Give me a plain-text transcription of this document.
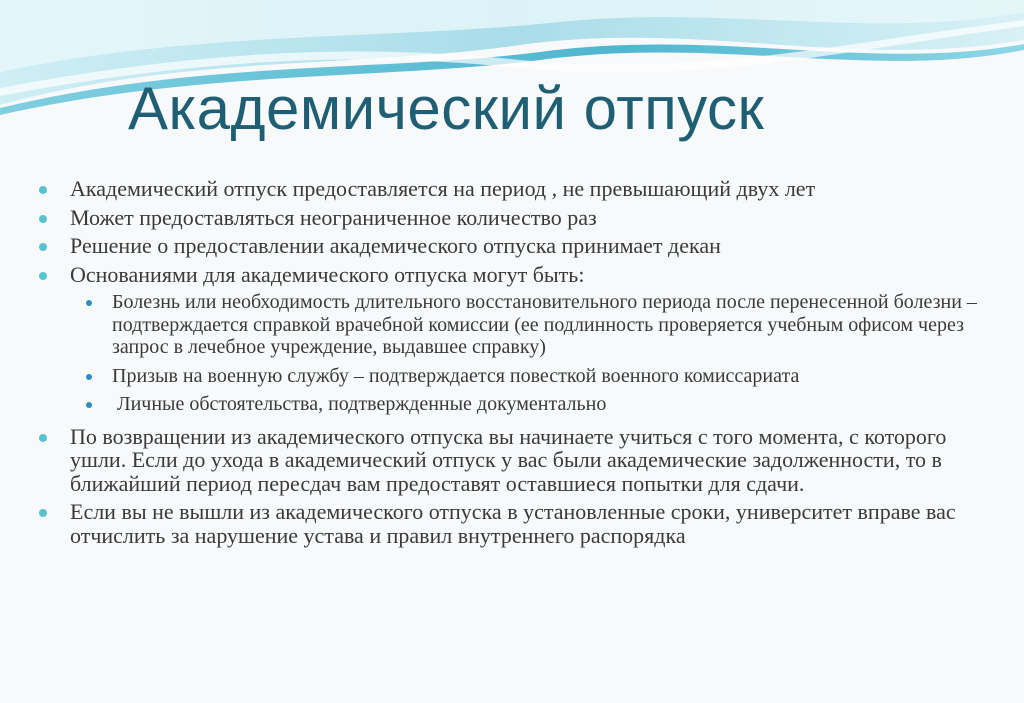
Академический отпуск
Академический отпуск предоставляется на период , не превышающий двух лет
Может предоставляться неограниченное количество раз
Решение о предоставлении академического отпуска принимает декан
Основаниями для академического отпуска могут быть:
Болезнь или необходимость длительного восстановительного периода после перенесенной болезни – подтверждается справкой врачебной комиссии (ее подлинность проверяется учебным офисом через запрос в лечебное учреждение, выдавшее справку)
Призыв на военную службу – подтверждается повесткой военного комиссариата
Личные обстоятельства, подтвержденные документально
По возвращении из академического отпуска вы начинаете учиться с того момента, с которого ушли. Если до ухода в академический отпуск у вас были академические задолженности, то в ближайший период пересдач вам предоставят оставшиеся попытки для сдачи.
Если вы не вышли из академического отпуска в установленные сроки, университет вправе вас отчислить за нарушение устава и правил внутреннего распорядка
